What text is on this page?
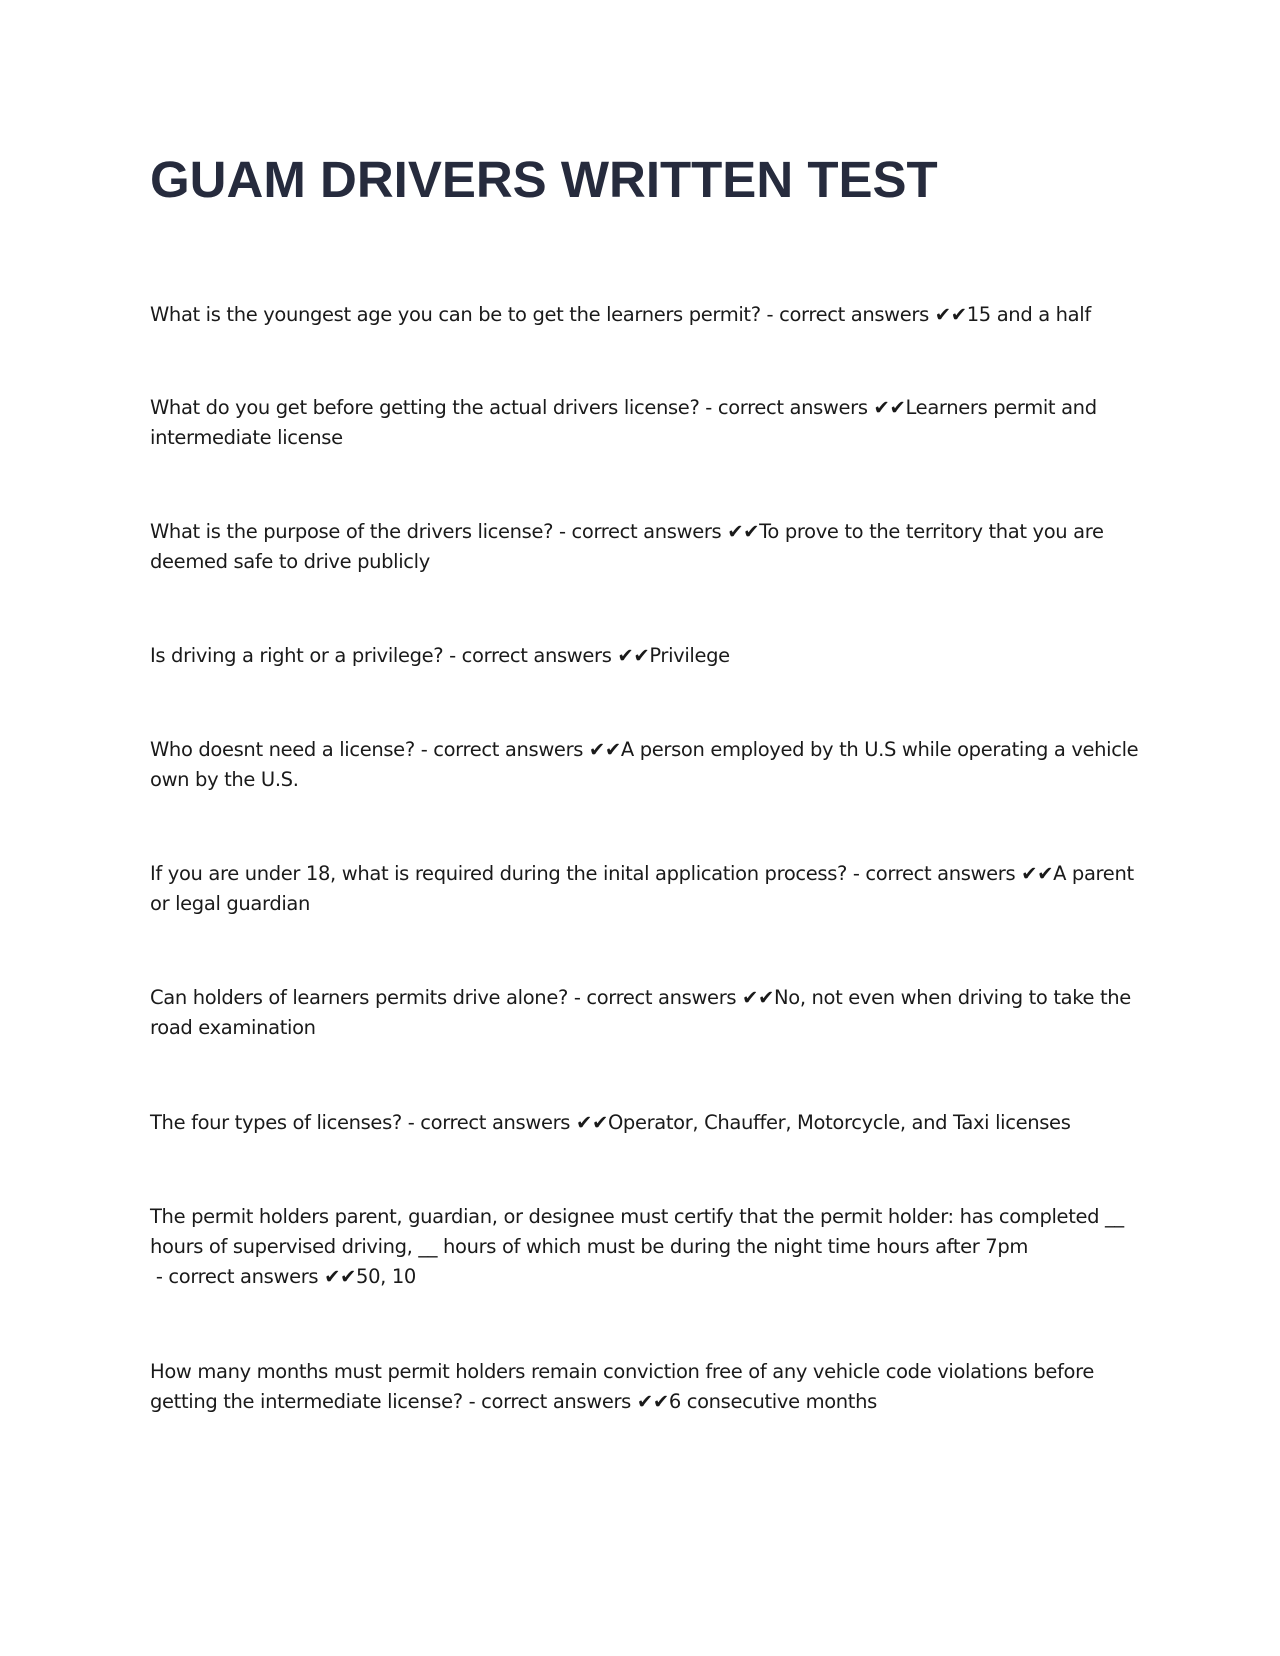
GUAM DRIVERS WRITTEN TEST

What is the youngest age you can be to get the learners permit? - correct answers ✔✔15 and a half

What do you get before getting the actual drivers license? - correct answers ✔✔Learners permit and intermediate license

What is the purpose of the drivers license? - correct answers ✔✔To prove to the territory that you are deemed safe to drive publicly

Is driving a right or a privilege? - correct answers ✔✔Privilege

Who doesnt need a license? - correct answers ✔✔A person employed by th U.S while operating a vehicle own by the U.S.

If you are under 18, what is required during the inital application process? - correct answers ✔✔A parent or legal guardian

Can holders of learners permits drive alone? - correct answers ✔✔No, not even when driving to take the road examination

The four types of licenses? - correct answers ✔✔Operator, Chauffer, Motorcycle, and Taxi licenses

The permit holders parent, guardian, or designee must certify that the permit holder: has completed __ hours of supervised driving, __ hours of which must be during the night time hours after 7pm - correct answers ✔✔50, 10

How many months must permit holders remain conviction free of any vehicle code violations before getting the intermediate license? - correct answers ✔✔6 consecutive months
